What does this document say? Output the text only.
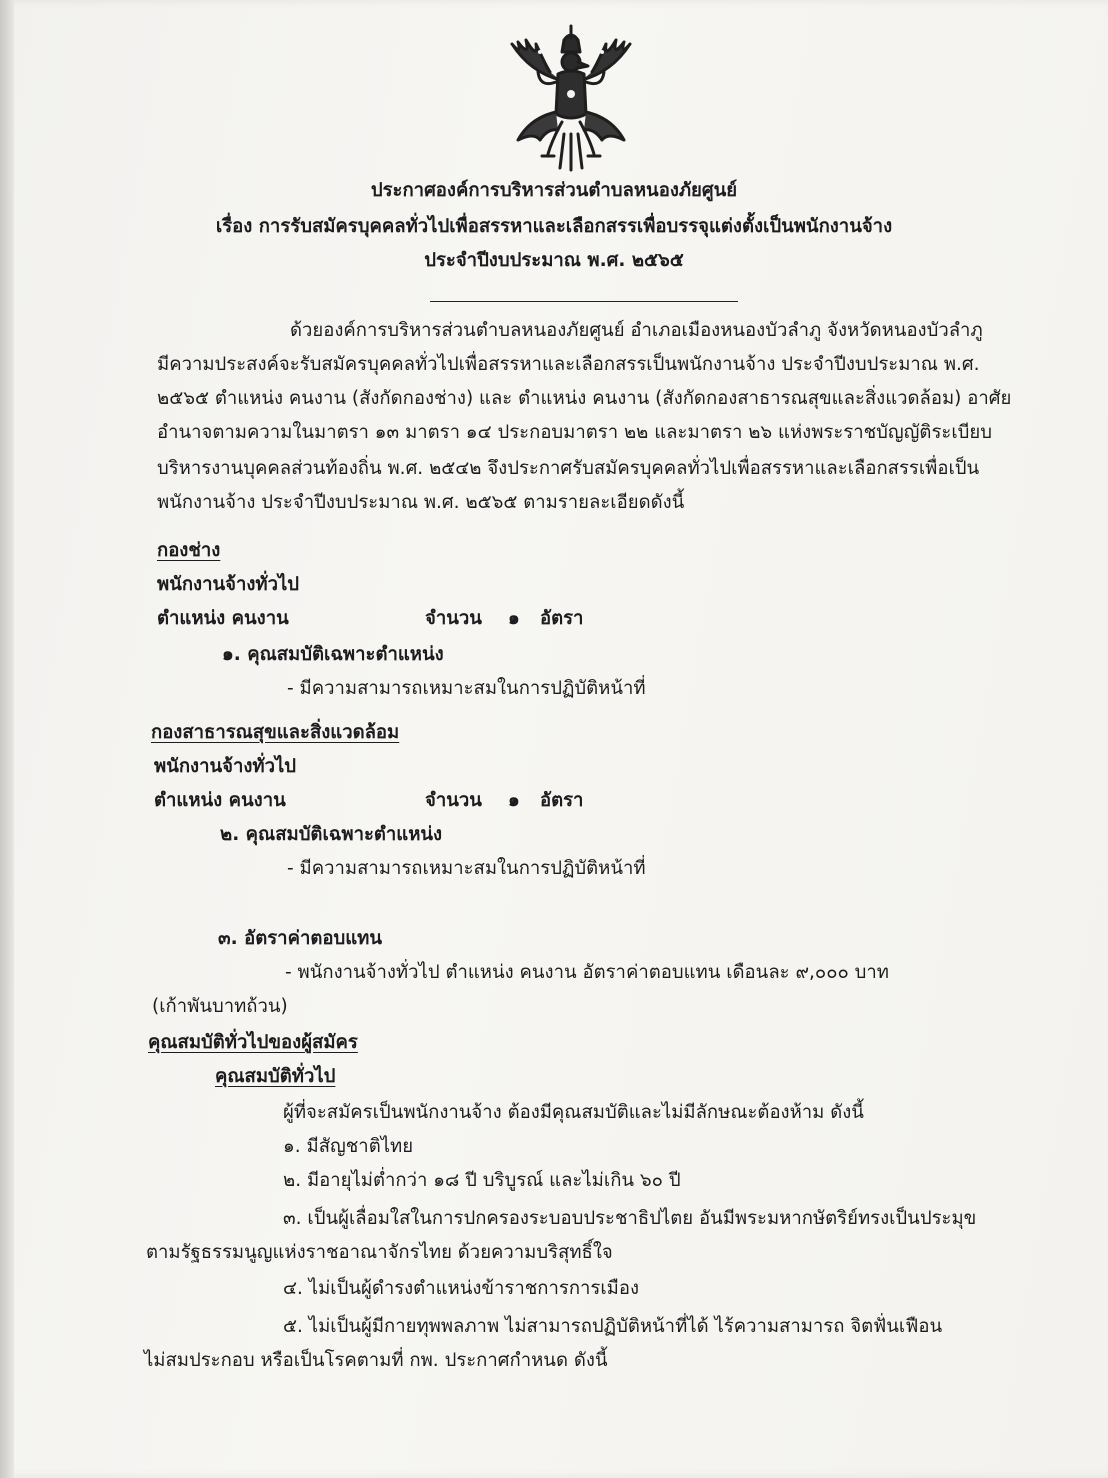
ประกาศองค์การบริหารส่วนตำบลหนองภัยศูนย์
เรื่อง การรับสมัครบุคคลทั่วไปเพื่อสรรหาและเลือกสรรเพื่อบรรจุแต่งตั้งเป็นพนักงานจ้าง
ประจำปีงบประมาณ พ.ศ. ๒๕๖๕
ด้วยองค์การบริหารส่วนตำบลหนองภัยศูนย์ อำเภอเมืองหนองบัวลำภู จังหวัดหนองบัวลำภู
มีความประสงค์จะรับสมัครบุคคลทั่วไปเพื่อสรรหาและเลือกสรรเป็นพนักงานจ้าง ประจำปีงบประมาณ พ.ศ.
๒๕๖๕ ตำแหน่ง คนงาน (สังกัดกองช่าง) และ ตำแหน่ง คนงาน (สังกัดกองสาธารณสุขและสิ่งแวดล้อม) อาศัย
อำนาจตามความในมาตรา ๑๓ มาตรา ๑๔ ประกอบมาตรา ๒๒ และมาตรา ๒๖ แห่งพระราชบัญญัติระเบียบ
บริหารงานบุคคลส่วนท้องถิ่น พ.ศ. ๒๕๔๒ จึงประกาศรับสมัครบุคคลทั่วไปเพื่อสรรหาและเลือกสรรเพื่อเป็น
พนักงานจ้าง ประจำปีงบประมาณ พ.ศ. ๒๕๖๕ ตามรายละเอียดดังนี้
กองช่าง
พนักงานจ้างทั่วไป
ตำแหน่ง คนงาน	จำนวน ๑ อัตรา
๑. คุณสมบัติเฉพาะตำแหน่ง
- มีความสามารถเหมาะสมในการปฏิบัติหน้าที่
กองสาธารณสุขและสิ่งแวดล้อม
พนักงานจ้างทั่วไป
ตำแหน่ง คนงาน	จำนวน ๑ อัตรา
๒. คุณสมบัติเฉพาะตำแหน่ง
- มีความสามารถเหมาะสมในการปฏิบัติหน้าที่
๓. อัตราค่าตอบแทน
- พนักงานจ้างทั่วไป ตำแหน่ง คนงาน อัตราค่าตอบแทน เดือนละ ๙,๐๐๐ บาท
(เก้าพันบาทถ้วน)
คุณสมบัติทั่วไปของผู้สมัคร
คุณสมบัติทั่วไป
ผู้ที่จะสมัครเป็นพนักงานจ้าง ต้องมีคุณสมบัติและไม่มีลักษณะต้องห้าม ดังนี้
๑. มีสัญชาติไทย
๒. มีอายุไม่ต่ำกว่า ๑๘ ปี บริบูรณ์ และไม่เกิน ๖๐ ปี
๓. เป็นผู้เลื่อมใสในการปกครองระบอบประชาธิปไตย อันมีพระมหากษัตริย์ทรงเป็นประมุข
ตามรัฐธรรมนูญแห่งราชอาณาจักรไทย ด้วยความบริสุทธิ์ใจ
๔. ไม่เป็นผู้ดำรงตำแหน่งข้าราชการการเมือง
๕. ไม่เป็นผู้มีกายทุพพลภาพ ไม่สามารถปฏิบัติหน้าที่ได้ ไร้ความสามารถ จิตฟั่นเฟือน
ไม่สมประกอบ หรือเป็นโรคตามที่ กพ. ประกาศกำหนด ดังนี้
